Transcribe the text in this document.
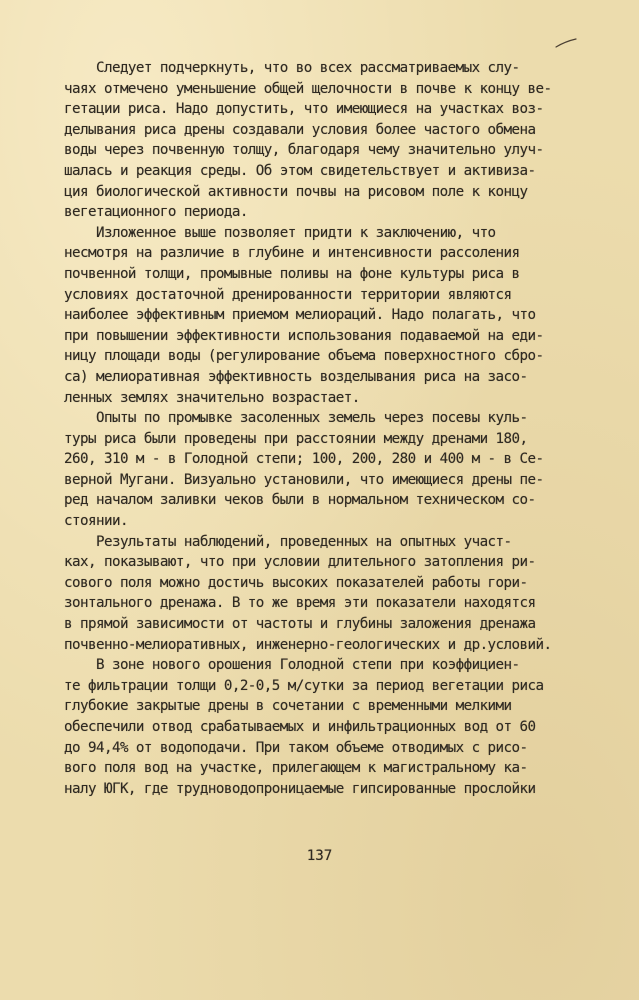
Следует подчеркнуть, что во всех рассматриваемых слу-
чаях отмечено уменьшение общей щелочности в почве к концу ве-
гетации риса. Надо допустить, что имеющиеся на участках воз-
делывания риса дрены создавали условия более частого обмена
воды через почвенную толщу, благодаря чему значительно улуч-
шалась и реакция среды. Об этом свидетельствует и активиза-
ция биологической активности почвы на рисовом поле к концу
вегетационного периода.
Изложенное выше позволяет придти к заключению, что
несмотря на различие в глубине и интенсивности рассоления
почвенной толщи, промывные поливы на фоне культуры риса в
условиях достаточной дренированности территории являются
наиболее эффективным приемом мелиораций. Надо полагать, что
при повышении эффективности использования подаваемой на еди-
ницу площади воды (регулирование объема поверхностного сбро-
са) мелиоративная эффективность возделывания риса на засо-
ленных землях значительно возрастает.
Опыты по промывке засоленных земель через посевы куль-
туры риса были проведены при расстоянии между дренами 180,
260, 310 м - в Голодной степи; 100, 200, 280 и 400 м - в Се-
верной Мугани. Визуально установили, что имеющиеся дрены пе-
ред началом заливки чеков были в нормальном техническом со-
стоянии.
Результаты наблюдений, проведенных на опытных участ-
ках, показывают, что при условии длительного затопления ри-
сового поля можно достичь высоких показателей работы гори-
зонтального дренажа. В то же время эти показатели находятся
в прямой зависимости от частоты и глубины заложения дренажа
почвенно-мелиоративных, инженерно-геологических и др.условий.
В зоне нового орошения Голодной степи при коэффициен-
те фильтрации толщи 0,2-0,5 м/сутки за период вегетации риса
глубокие закрытые дрены в сочетании с временными мелкими
обеспечили отвод срабатываемых и инфильтрационных вод от 60
до 94,4% от водоподачи. При таком объеме отводимых с рисо-
вого поля вод на участке, прилегающем к магистральному ка-
налу ЮГК, где трудноводопроницаемые гипсированные прослойки
137
